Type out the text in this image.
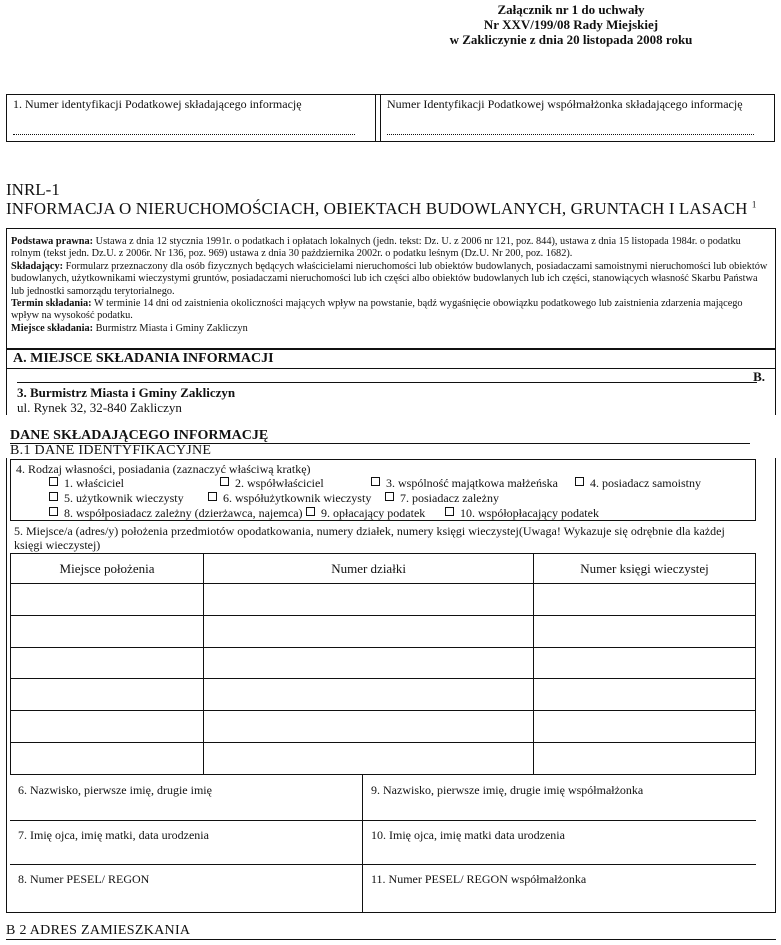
Załącznik nr 1 do uchwały
Nr XXV/199/08 Rady Miejskiej
w Zakliczynie z dnia 20 listopada 2008 roku
1. Numer identyfikacji Podatkowej składającego informację	Numer Identyfikacji Podatkowej współmałżonka składającego informację
INRL-1
INFORMACJA O NIERUCHOMOŚCIACH, OBIEKTACH BUDOWLANYCH, GRUNTACH I LASACH $^1$
Podstawa prawna: Ustawa z dnia 12 stycznia 1991r. o podatkach i opłatach lokalnych (jedn. tekst: Dz. U. z 2006 nr 121, poz. 844), ustawa z dnia 15 listopada 1984r. o podatku rolnym (tekst jedn. Dz.U. z 2006r. Nr 136, poz. 969) ustawa z dnia 30 października 2002r. o podatku leśnym (Dz.U. Nr 200, poz. 1682).
Składający: Formularz przeznaczony dla osób fizycznych będących właścicielami nieruchomości lub obiektów budowlanych, posiadaczami samoistnymi nieruchomości lub obiektów budowlanych, użytkownikami wieczystymi gruntów, posiadaczami nieruchomości lub ich części albo obiektów budowlanych lub ich części, stanowiących własność Skarbu Państwa lub jednostki samorządu terytorialnego.
Termin składania: W terminie 14 dni od zaistnienia okoliczności mających wpływ na powstanie, bądź wygaśnięcie obowiązku podatkowego lub zaistnienia zdarzenia mającego wpływ na wysokość podatku.
Miejsce składania: Burmistrz Miasta i Gminy Zakliczyn
A. MIEJSCE SKŁADANIA INFORMACJI
B.
3. Burmistrz Miasta i Gminy Zakliczyn
ul. Rynek 32, 32-840 Zakliczyn
DANE SKŁADAJĄCEGO INFORMACJĘ
B.1 DANE IDENTYFIKACYJNE
4. Rodzaj własności, posiadania (zaznaczyć właściwą kratkę)
1. właściciel	2. współwłaściciel	3. wspólność majątkowa małżeńska	4. posiadacz samoistny
5. użytkownik wieczysty	6. współużytkownik wieczysty	7. posiadacz zależny
8. współposiadacz zależny (dzierżawca, najemca)	9. opłacający podatek	10. współopłacający podatek
5. Miejsce/a (adres/y) położenia przedmiotów opodatkowania, numery działek, numery księgi wieczystej(Uwaga! Wykazuje się odrębnie dla każdej księgi wieczystej)
Miejsce położenia	Numer działki	Numer księgi wieczystej

6. Nazwisko, pierwsze imię, drugie imię	9. Nazwisko, pierwsze imię, drugie imię współmałżonka
7. Imię ojca, imię matki, data urodzenia	10. Imię ojca, imię matki data urodzenia
8. Numer PESEL/ REGON	11. Numer PESEL/ REGON współmałżonka
B 2 ADRES ZAMIESZKANIA
